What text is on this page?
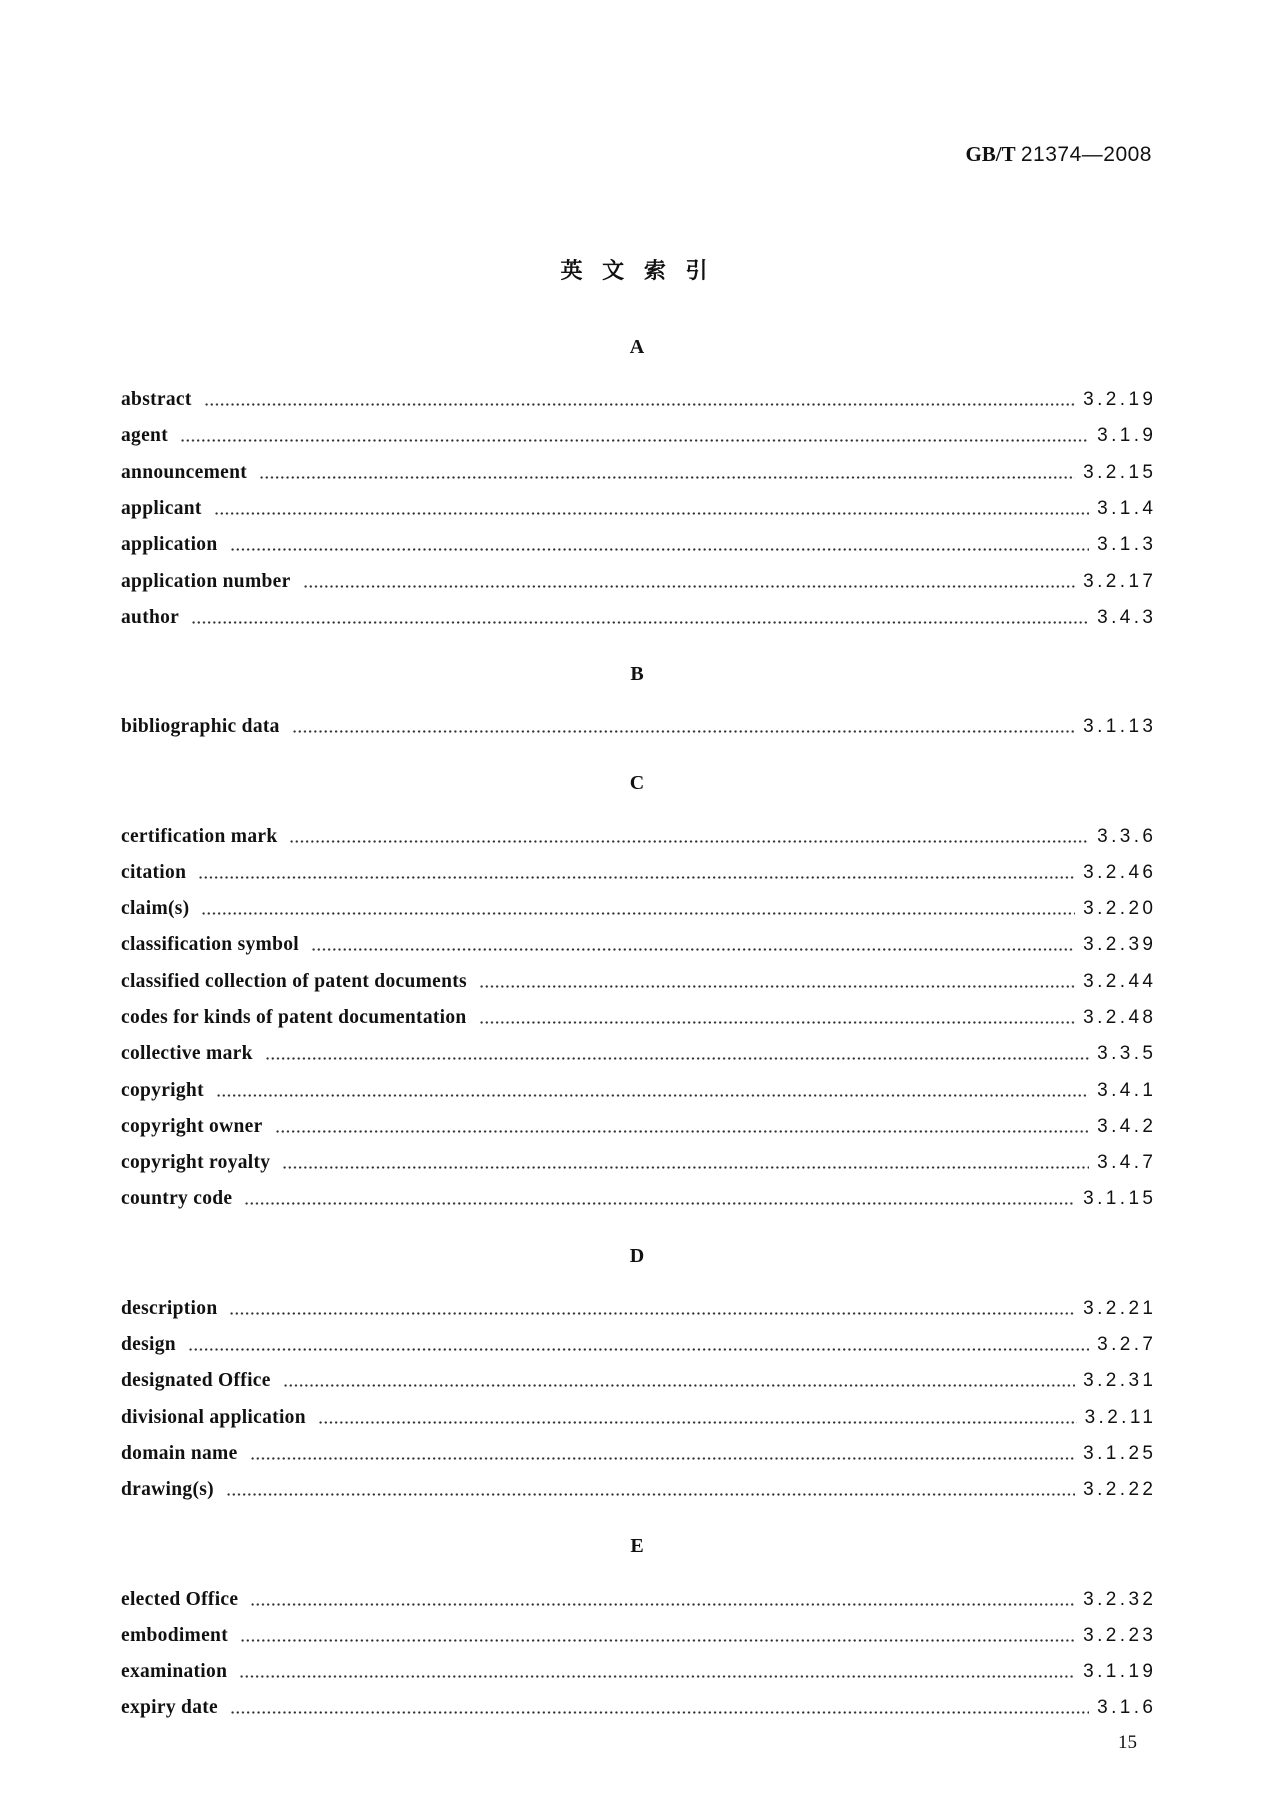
GB/T 21374—2008
英 文 索 引
A
abstract	3.2.19
agent	3.1.9
announcement	3.2.15
applicant	3.1.4
application	3.1.3
application number	3.2.17
author	3.4.3
B
bibliographic data	3.1.13
C
certification mark	3.3.6
citation	3.2.46
claim(s)	3.2.20
classification symbol	3.2.39
classified collection of patent documents	3.2.44
codes for kinds of patent documentation	3.2.48
collective mark	3.3.5
copyright	3.4.1
copyright owner	3.4.2
copyright royalty	3.4.7
country code	3.1.15
D
description	3.2.21
design	3.2.7
designated Office	3.2.31
divisional application	3.2.11
domain name	3.1.25
drawing(s)	3.2.22
E
elected Office	3.2.32
embodiment	3.2.23
examination	3.1.19
expiry date	3.1.6
15
